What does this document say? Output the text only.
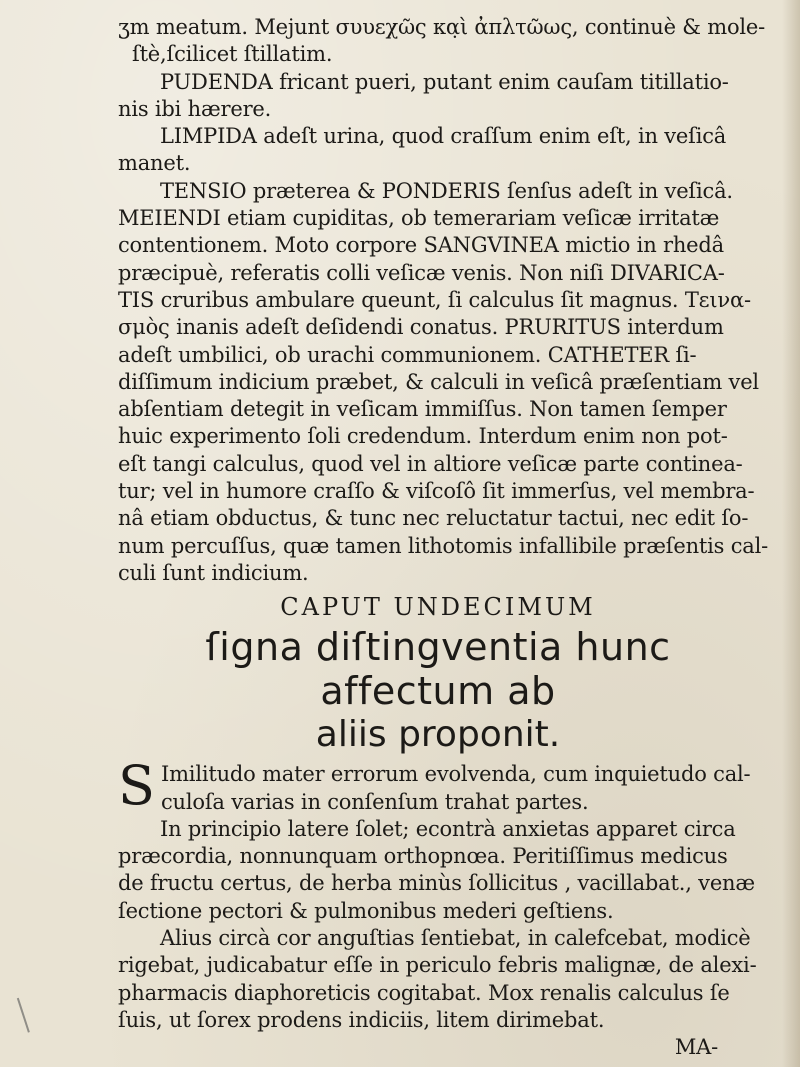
ʒm meatum. Mejunt συυεχῶς κα̣ὶ ἀπλτῶως, continuè & mole-

ſtè,ſcilicet ſtillatim.

PUDENDA fricant pueri, putant enim cauſam titillatio-

nis ibi hærere.

LIMPIDA adeſt urina, quod craſſum enim eſt, in veſicâ

manet.

TENSIO præterea & PONDERIS ſenſus adeſt in veſicâ.

MEIENDI etiam cupiditas, ob temerariam veſicæ irritatæ

contentionem. Moto corpore SANGVINEA mictio in rhedâ

præcipuè, referatis colli veſicæ venis. Non niſi DIVARICA-

TIS cruribus ambulare queunt, ſi calculus ſit magnus. Τεινα-

σμὸς inanis adeſt deſidendi conatus. PRURITUS interdum

adeſt umbilici, ob urachi communionem. CATHETER ſi-

diſſimum indicium præbet, & calculi in veſicâ præſentiam vel

abſentiam detegit in veſicam immiſſus. Non tamen ſemper

huic experimento ſoli credendum. Interdum enim non pot-

eſt tangi calculus, quod vel in altiore veſicæ parte continea-

tur; vel in humore craſſo & viſcoſô ſit immerſus, vel membra-

nâ etiam obductus, & tunc nec reluctatur tactui, nec edit ſo-

num percuſſus, quæ tamen lithotomis infallibile præſentis cal-

culi ſunt indicium.

CAPUT UNDECIMUM
ſigna diſtingventia hunc affectum ab
aliis proponit.
S Imilitudo mater errorum evolvenda, cum inquietudo cal-

culoſa varias in conſenſum trahat partes.

In principio latere ſolet; econtrà anxietas apparet circa

præcordia, nonnunquam orthopnœa. Peritiſſimus medicus

de fructu certus, de herba minùs ſollicitus , vacillabat., venæ

ſectione pectori & pulmonibus mederi geſtiens.

Alius circà cor anguſtias ſentiebat, in calefcebat, modicè

rigebat, judicabatur eſſe in periculo febris malignæ, de alexi-

pharmacis diaphoreticis cogitabat. Mox renalis calculus ſe

ſuis, ut ſorex prodens indiciis, litem dirimebat.

MA-
